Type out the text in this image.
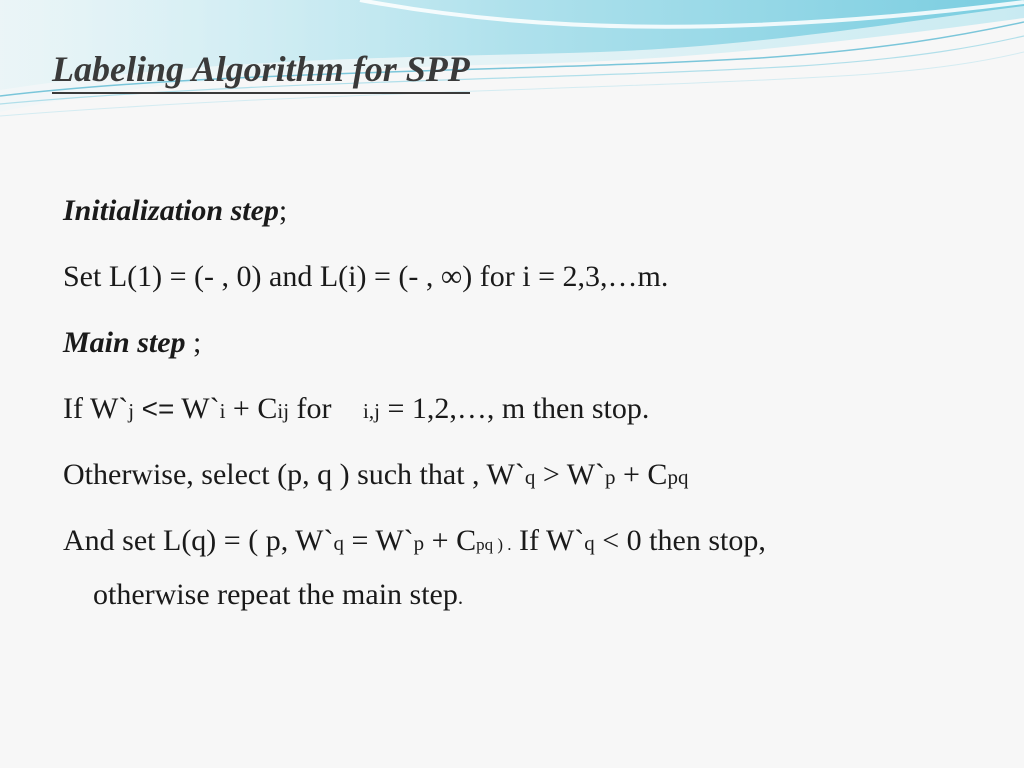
Labeling Algorithm for SPP
Initialization step;
Set L(1) = (- , 0) and L(i) = (- , ∞) for i = 2,3,…m.
Main step ;
If W`j <= W`i + Cij for i,j = 1,2,…, m then stop.
Otherwise, select (p, q ) such that , W`q > W`p + Cpq
And set L(q) = ( p, W`q = W`p + Cpq ) . If W`q < 0 then stop,
otherwise repeat the main step.
